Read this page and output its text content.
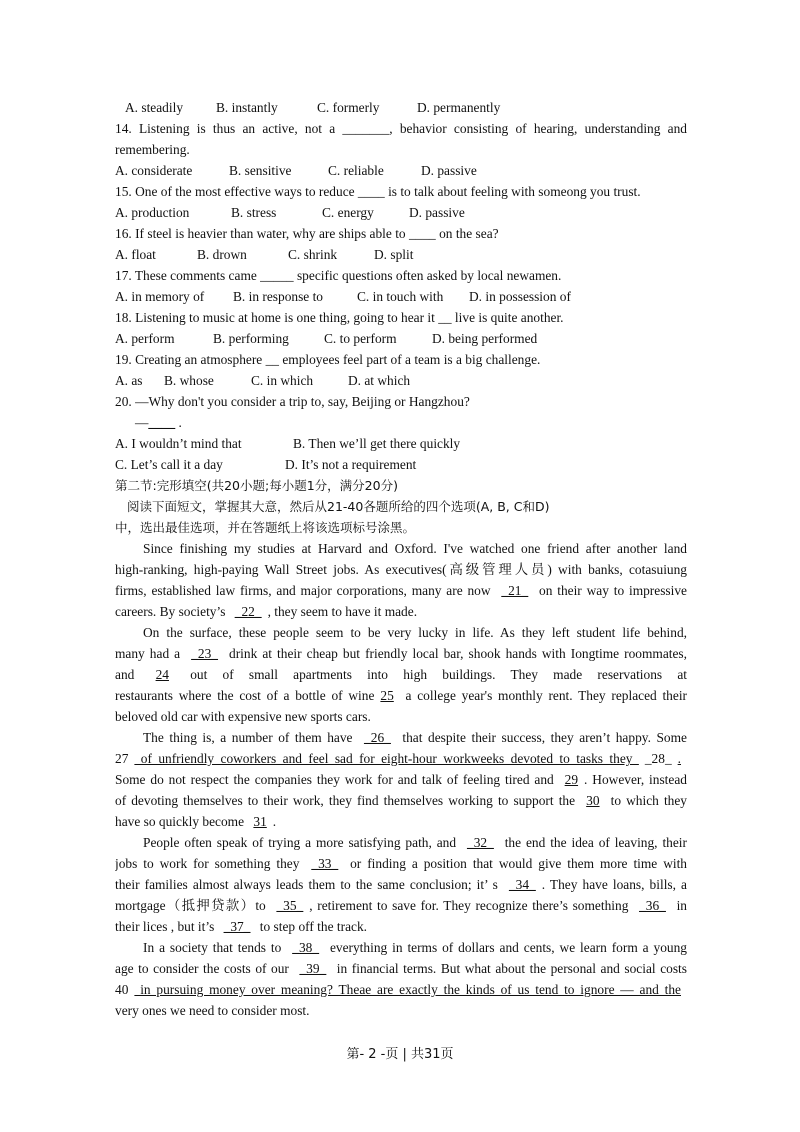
A. steadily	B. instantly	C. formerly	D. permanently
14. Listening is thus an active, not a _______, behavior consisting of hearing, understanding and
remembering.
A. considerate	B. sensitive	C. reliable	D. passive
15. One of the most effective ways to reduce ____ is to talk about feeling with someong you trust.
A. production	B. stress	C. energy	D. passive
16. If steel is heavier than water, why are ships able to ____ on the sea?
A. float	B. drown	C. shrink	D. split
17. These comments came _____ specific questions often asked by local newamen.
A. in memory of	B. in response to	C. in touch with	D. in possession of
18. Listening to music at home is one thing, going to hear it __ live is quite another.
A. perform	B. performing	C. to perform	D. being performed
19. Creating an atmosphere __ employees feel part of a team is a big challenge.
A. as	B. whose	C. in which	D. at which
20. —Why don't you consider a trip to, say, Beijing or Hangzhou?
—____ .
A. I wouldn’t mind that	B. Then we’ll get there quickly
C. Let’s call it a day	D. It’s not a requirement
第二节:完形填空(共20小题;每小题1分，满分20分)
阅读下面短文，掌握其大意，然后从21-40各题所给的四个选项(A, B, C和D)
中，选出最佳选项，并在答题纸上将该选项标号涂黑。
Since finishing my studies at Harvard and Oxford. I've watched one friend after another land
high-ranking, high-paying Wall Street jobs. As executives(高级管理人员) with banks, cotasuiung
firms, established law firms, and major corporations, many are now _21_ on their way to impressive
careers. By society’s _22_ , they seem to have it made.
On the surface, these people seem to be very lucky in life. As they left student life behind,
many had a _23_ drink at their cheap but friendly local bar, shook hands with Iongtime roommates,
and 24 out of small apartments into high buildings. They made reservations at
restaurants where the cost of a bottle of wine 25 a college year's monthly rent. They replaced their
beloved old car with expensive new sports cars.
The thing is, a number of them have _26_ that despite their success, they aren’t happy. Some
27 of unfriendly coworkers and feel sad for eight-hour workweeks devoted to tasks they _28_ .
Some do not respect the companies they work for and talk of feeling tired and 29 . However, instead
of devoting themselves to their work, they find themselves working to support the 30 to which they
have so quickly become 31 .
People often speak of trying a more satisfying path, and _32_ the end the idea of leaving, their
jobs to work for something they _33_ or finding a position that would give them more time with
their families almost always leads them to the same conclusion; it’ s _34_ . They have loans, bills, a
mortgage（抵押贷款）to _35_ , retirement to save for. They recognize there’s something _36_ in
their lices , but it’s _37_ to step off the track.
In a society that tends to _38_ everything in terms of dollars and cents, we learn form a young
age to consider the costs of our _39_ in financial terms. But what about the personal and social costs
40 in pursuing money over meaning? Theae are exactly the kinds of us tend to ignore — and the
very ones we need to consider most.
第- 2 -页 | 共31页
